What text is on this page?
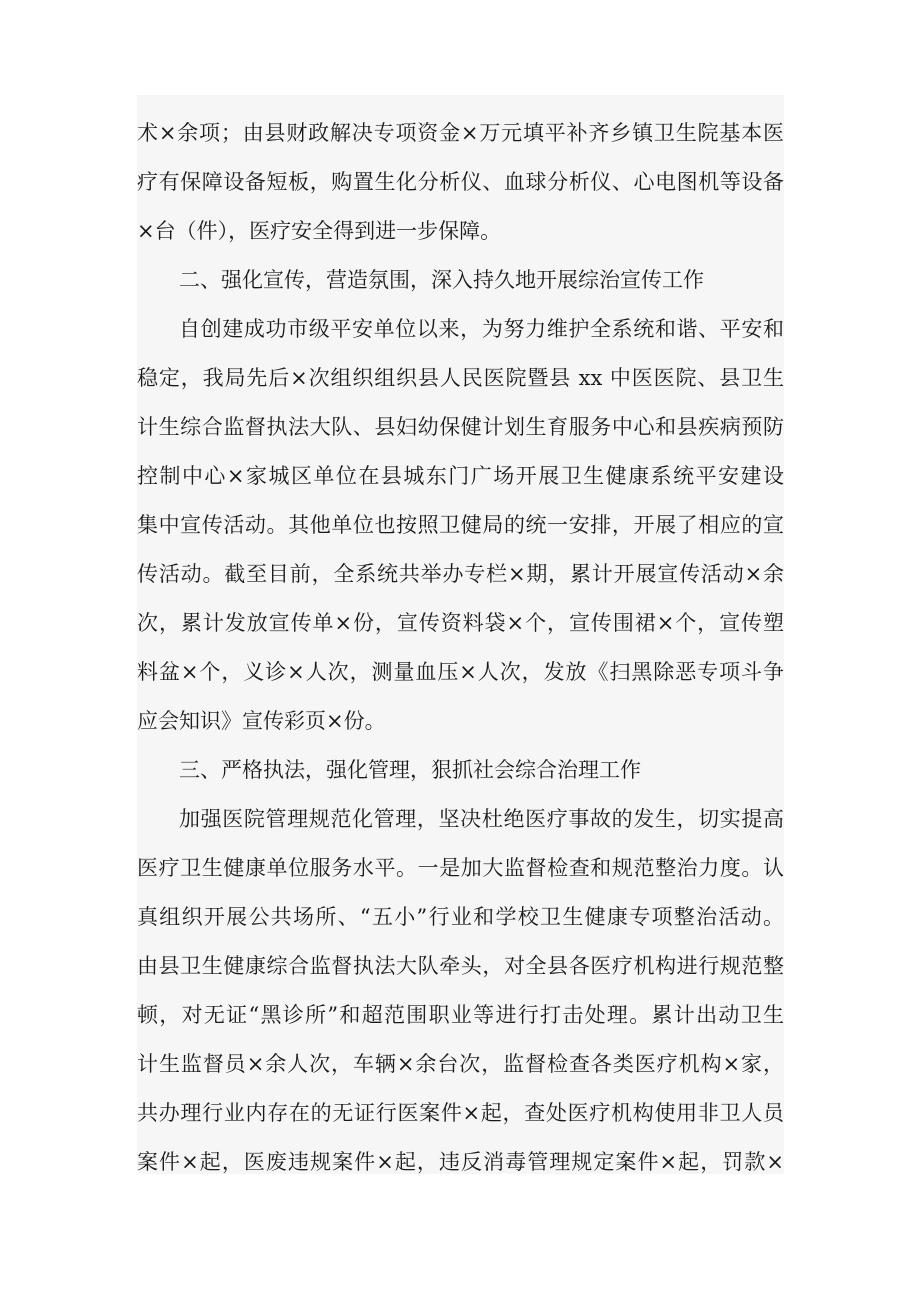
术×余项；由县财政解决专项资金×万元填平补齐乡镇卫生院基本医
疗有保障设备短板，购置生化分析仪、血球分析仪、心电图机等设备
×台（件），医疗安全得到进一步保障。
二、强化宣传，营造氛围，深入持久地开展综治宣传工作
自创建成功市级平安单位以来，为努力维护全系统和谐、平安和
稳定，我局先后×次组织组织县人民医院暨县 xx 中医医院、县卫生
计生综合监督执法大队、县妇幼保健计划生育服务中心和县疾病预防
控制中心×家城区单位在县城东门广场开展卫生健康系统平安建设
集中宣传活动。其他单位也按照卫健局的统一安排，开展了相应的宣
传活动。截至目前，全系统共举办专栏×期，累计开展宣传活动×余
次，累计发放宣传单×份，宣传资料袋×个，宣传围裙×个，宣传塑
料盆×个，义诊×人次，测量血压×人次，发放《扫黑除恶专项斗争
应会知识》宣传彩页×份。
三、严格执法，强化管理，狠抓社会综合治理工作
加强医院管理规范化管理，坚决杜绝医疗事故的发生，切实提高
医疗卫生健康单位服务水平。一是加大监督检查和规范整治力度。认
真组织开展公共场所、“五小”行业和学校卫生健康专项整治活动。
由县卫生健康综合监督执法大队牵头，对全县各医疗机构进行规范整
顿，对无证“黑诊所”和超范围职业等进行打击处理。累计出动卫生
计生监督员×余人次，车辆×余台次，监督检查各类医疗机构×家，
共办理行业内存在的无证行医案件×起，查处医疗机构使用非卫人员
案件×起，医废违规案件×起，违反消毒管理规定案件×起，罚款×
